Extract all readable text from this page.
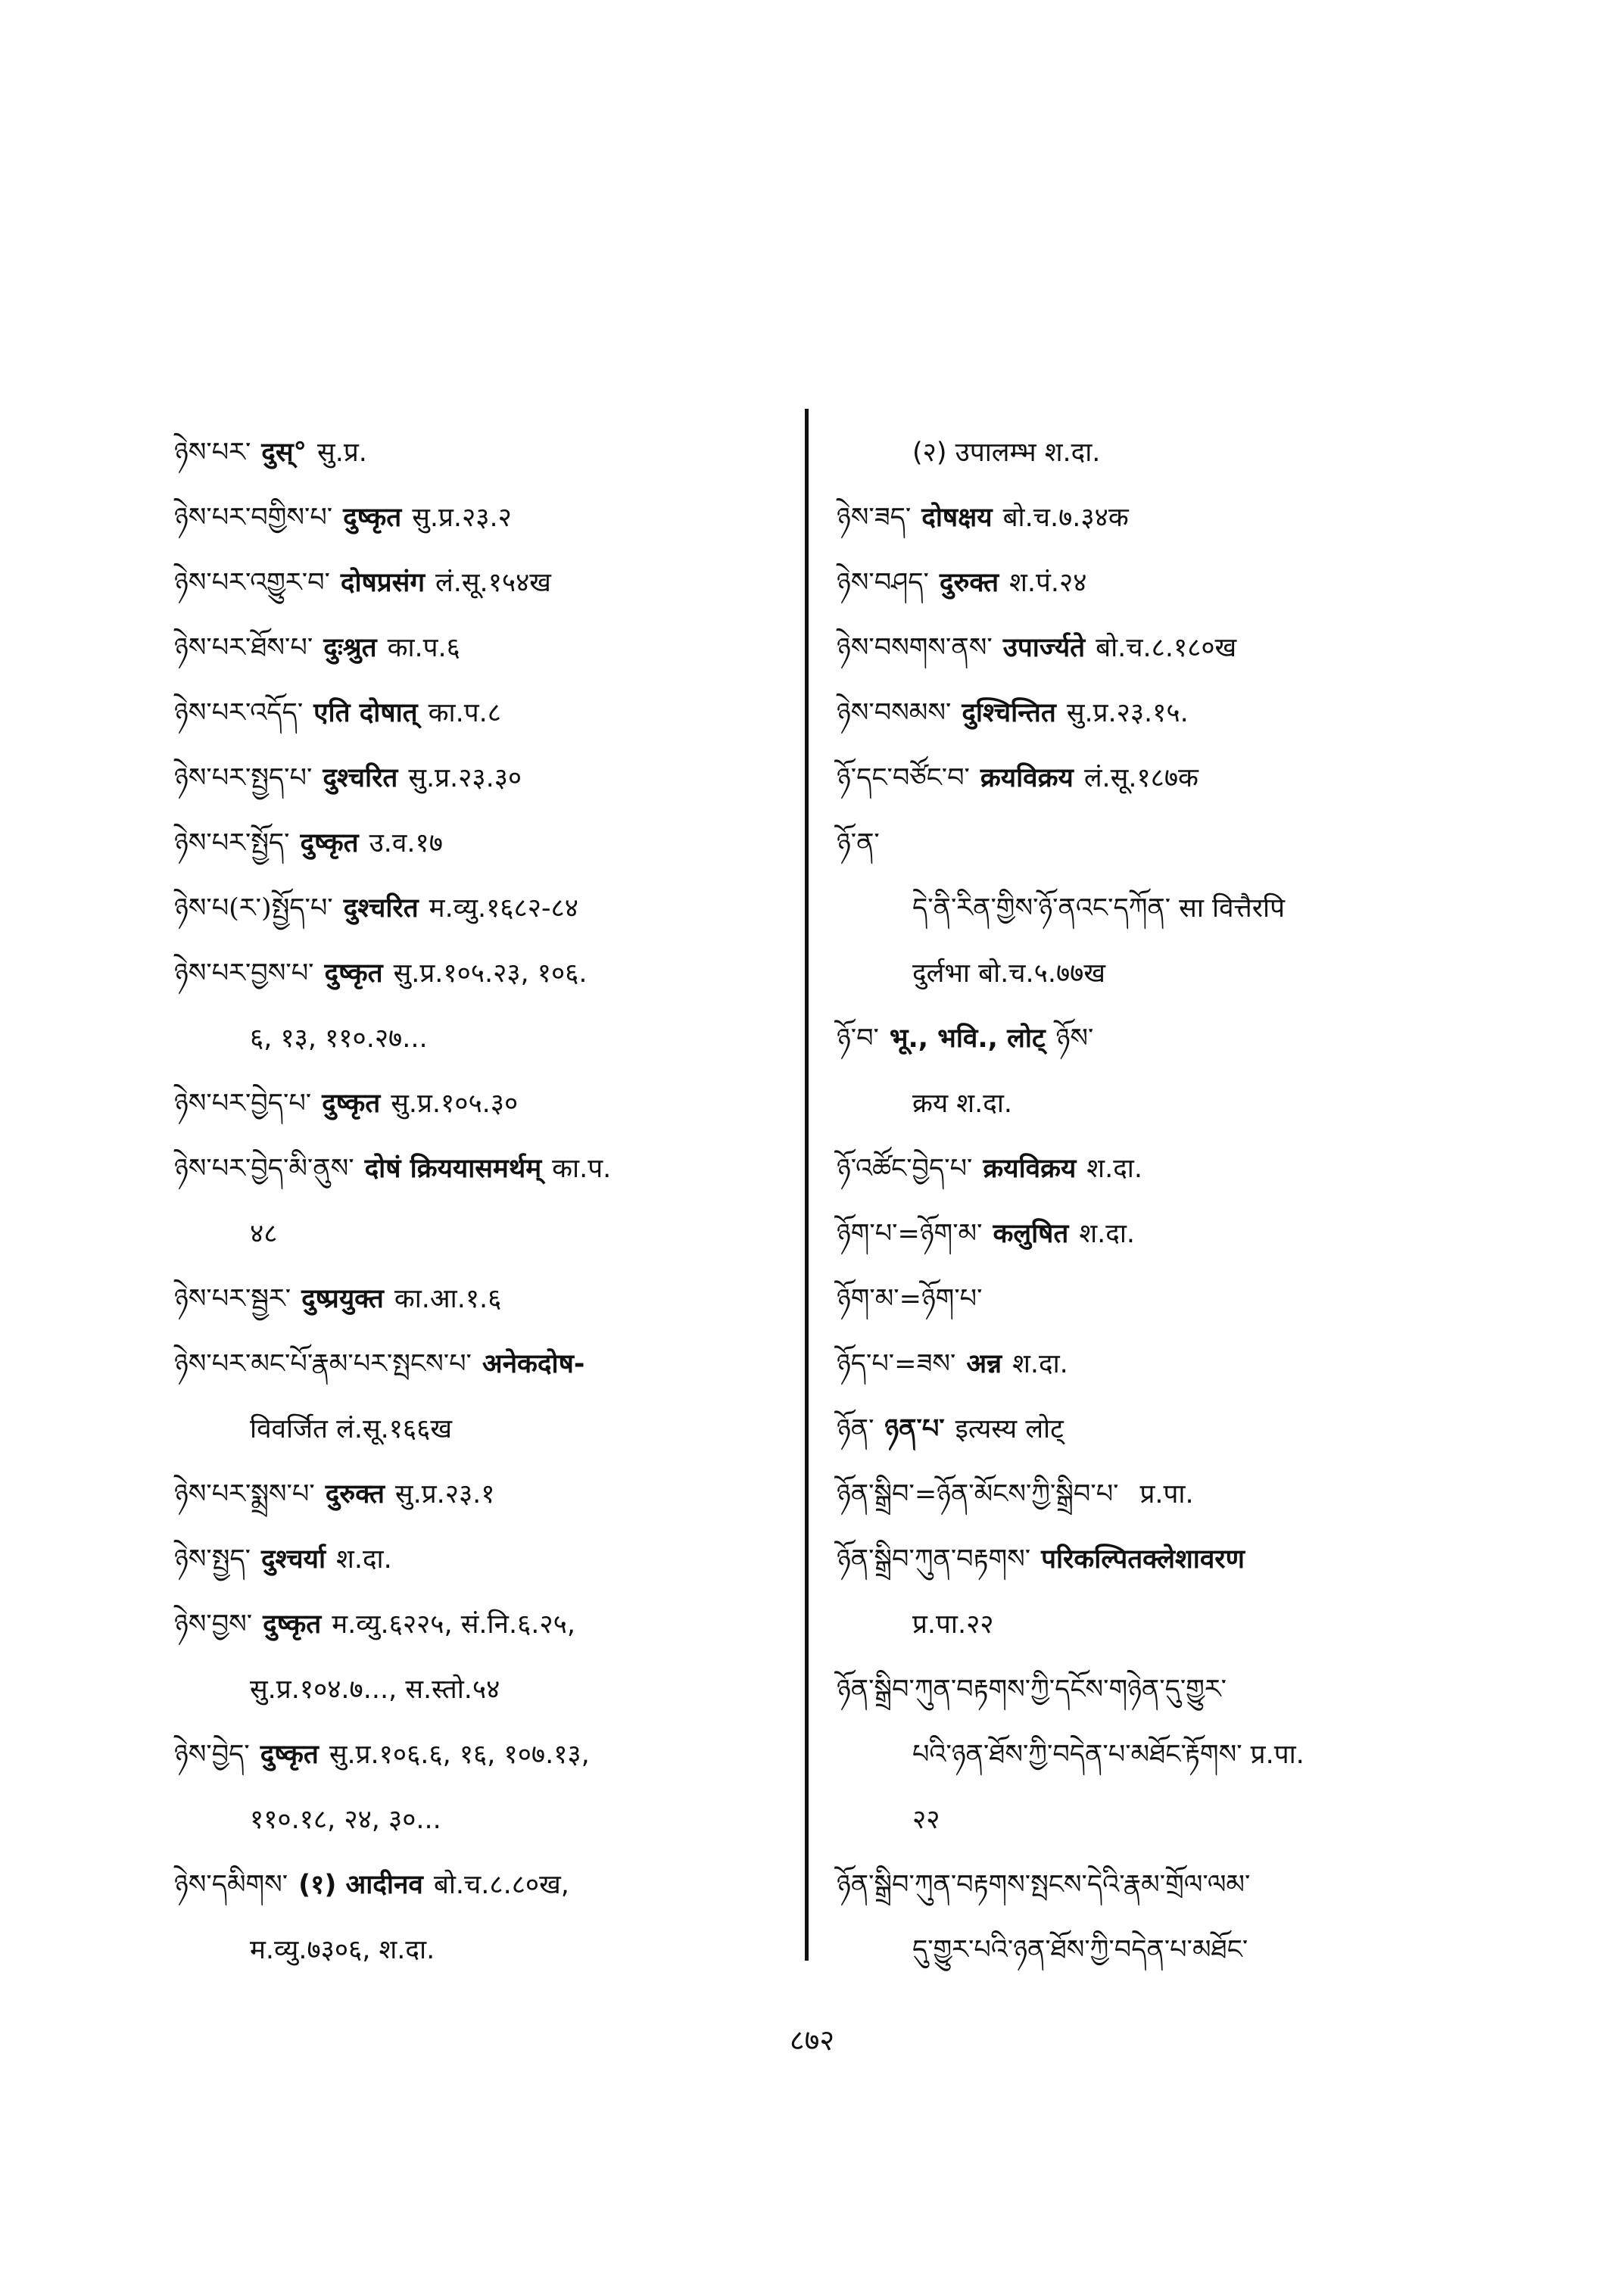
ཉེས་པར་ दुस्° सु.प्र.
ཉེས་པར་བགྱིས་པ་ दुष्कृत सु.प्र.२३.२
ཉེས་པར་འགྱུར་བ་ दोषप्रसंग लं.सू.१५४ख
ཉེས་པར་ཐོས་པ་ दुःश्रुत का.प.६
ཉེས་པར་འདོད་ एति दोषात् का.प.८
ཉེས་པར་སྤྱད་པ་ दुश्चरित सु.प्र.२३.३०
ཉེས་པར་སྤྱོད་ दुष्कृत उ.व.१७
ཉེས་པ(ར་)སྤྱོད་པ་ दुश्चरित म.व्यु.१६८२-८४
ཉེས་པར་བྱས་པ་ दुष्कृत सु.प्र.१०५.२३, १०६.
६, १३, ११०.२७...
ཉེས་པར་བྱེད་པ་ दुष्कृत सु.प्र.१०५.३०
ཉེས་པར་བྱེད་མི་ནུས་ दोषं क्रिययासमर्थम् का.प.
४८
ཉེས་པར་སྦྱར་ दुष्प्रयुक्त का.आ.१.६
ཉེས་པར་མང་པོ་རྣམ་པར་སྤངས་པ་ अनेकदोष-
विवर्जित लं.सू.१६६ख
ཉེས་པར་སྨྲས་པ་ दुरुक्त सु.प्र.२३.१
ཉེས་སྤྱད་ दुश्चर्या श.दा.
ཉེས་བྱས་ दुष्कृत म.व्यु.६२२५, सं.नि.६.२५,
सु.प्र.१०४.७..., स.स्तो.५४
ཉེས་བྱེད་ दुष्कृत सु.प्र.१०६.६, १६, १०७.१३,
११०.१८, २४, ३०...
ཉེས་དམིགས་ (१) आदीनव बो.च.८.८०ख,
म.व्यु.७३०६, श.दा.
(२) उपालम्भ श.दा.
ཉེས་ཟད་ दोषक्षय बो.च.७.३४क
ཉེས་བཤད་ दुरुक्त श.पं.२४
ཉེས་བསགས་ནས་ उपार्ज्यते बो.च.८.१८०ख
ཉེས་བསམས་ दुश्चिन्तित सु.प्र.२३.१५.
ཉོ་དང་བཙོང་བ་ क्रयविक्रय लं.सू.१८७क
ཉོ་ན་
དེ་ནི་རིན་གྱིས་ཉོ་ནའང་དཀོན་ सा वित्तैरपि
दुर्लभा बो.च.५.७७ख
ཉོ་བ་ भू., भवि., लोट् ཉོས་
क्रय श.दा.
ཉོ་འཚོང་བྱེད་པ་ क्रयविक्रय श.दा.
ཉོག་པ་=ཉོག་མ་ कलुषित श.दा.
ཉོག་མ་=ཉོག་པ་
ཉོད་པ་=ཟས་ अन्न श.दा.
ཉོན་ ཉན་པ་ इत्यस्य लोट्
ཉོན་སྒྲིབ་=ཉོན་མོངས་ཀྱི་སྒྲིབ་པ་ प्र.पा.
ཉོན་སྒྲིབ་ཀུན་བརྟགས་ परिकल्पितक्लेशावरण
प्र.पा.२२
ཉོན་སྒྲིབ་ཀུན་བརྟགས་ཀྱི་དངོས་གཉེན་དུ་གྱུར་
པའི་ཉན་ཐོས་ཀྱི་བདེན་པ་མཐོང་རྟོགས་ प्र.पा.
२२
ཉོན་སྒྲིབ་ཀུན་བརྟགས་སྤངས་དེའི་རྣམ་གྲོལ་ལམ་
དུ་གྱུར་པའི་ཉན་ཐོས་ཀྱི་བདེན་པ་མཐོང་
८७२
